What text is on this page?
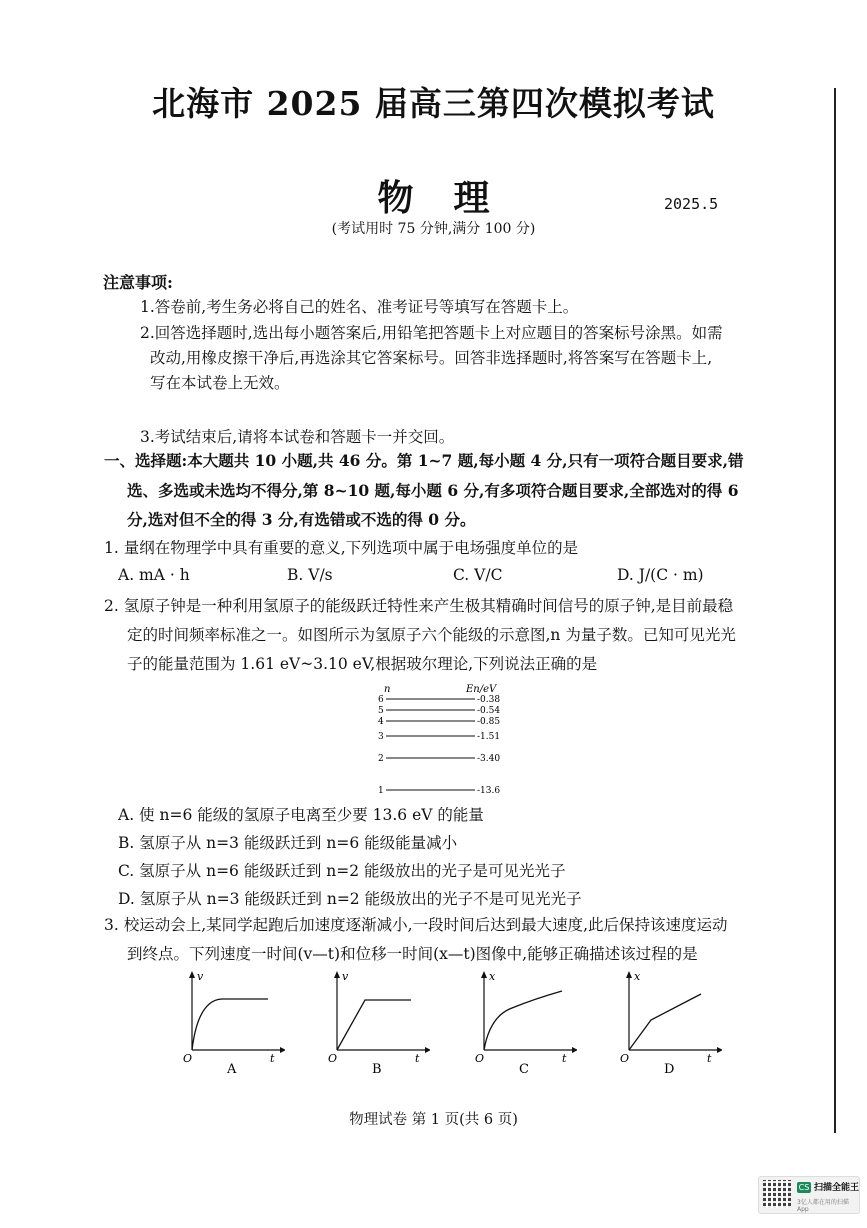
北海市 2025 届高三第四次模拟考试
物理	2025.5
(考试用时 75 分钟,满分 100 分)
注意事项:
1.答卷前,考生务必将自己的姓名、准考证号等填写在答题卡上。
2.回答选择题时,选出每小题答案后,用铅笔把答题卡上对应题目的答案标号涂黑。如需
改动,用橡皮擦干净后,再选涂其它答案标号。回答非选择题时,将答案写在答题卡上,
写在本试卷上无效。
3.考试结束后,请将本试卷和答题卡一并交回。
一、选择题:本大题共 10 小题,共 46 分。第 1~7 题,每小题 4 分,只有一项符合题目要求,错
选、多选或未选均不得分,第 8~10 题,每小题 6 分,有多项符合题目要求,全部选对的得 6
分,选对但不全的得 3 分,有选错或不选的得 0 分。
1. 量纲在物理学中具有重要的意义,下列选项中属于电场强度单位的是
A. mA · h	B. V/s	C. V/C	D. J/(C · m)
2. 氢原子钟是一种利用氢原子的能级跃迁特性来产生极其精确时间信号的原子钟,是目前最稳
定的时间频率标准之一。如图所示为氢原子六个能级的示意图,n 为量子数。已知可见光光
子的能量范围为 1.61 eV~3.10 eV,根据玻尔理论,下列说法正确的是
n	En/eV
6	-0.38
5	-0.54
4	-0.85
3	-1.51
2	-3.40
1	-13.6
A. 使 n=6 能级的氢原子电离至少要 13.6 eV 的能量
B. 氢原子从 n=3 能级跃迁到 n=6 能级能量减小
C. 氢原子从 n=6 能级跃迁到 n=2 能级放出的光子是可见光光子
D. 氢原子从 n=3 能级跃迁到 n=2 能级放出的光子不是可见光光子
3. 校运动会上,某同学起跑后加速度逐渐减小,一段时间后达到最大速度,此后保持该速度运动
到终点。下列速度一时间(v—t)和位移一时间(x—t)图像中,能够正确描述该过程的是
v
t
O
A
v
t
O
B
x
t
O
C
x
t
O
D
物理试卷 第 1 页(共 6 页)
CS 扫描全能王
3亿人都在用的扫描App
